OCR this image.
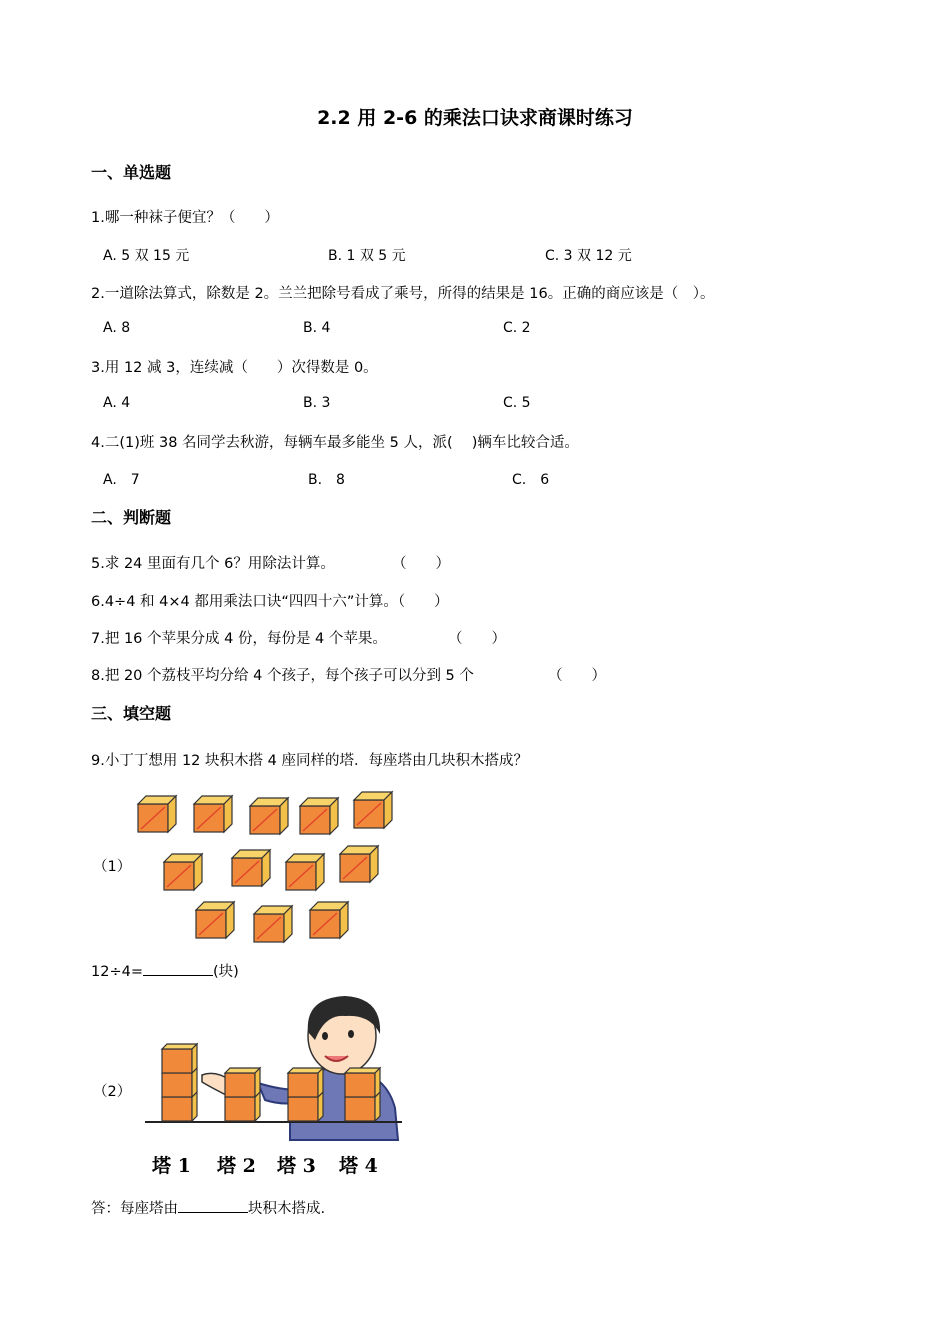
2.2 用 2-6 的乘法口诀求商课时练习
一、单选题
1.哪一种袜子便宜？（　　）
A. 5 双 15 元	B. 1 双 5 元	C. 3 双 12 元
2.一道除法算式，除数是 2。兰兰把除号看成了乘号，所得的结果是 16。正确的商应该是（　）。
A. 8	B. 4	C. 2
3.用 12 减 3，连续减（　　）次得数是 0。
A. 4	B. 3	C. 5
4.二(1)班 38 名同学去秋游，每辆车最多能坐 5 人，派(　 )辆车比较合适。
A.　7	B.　8	C.　6
二、判断题
5.求 24 里面有几个 6？用除法计算。	（　　）
6.4÷4 和 4×4 都用乘法口诀“四四十六”计算。（　　）
7.把 16 个苹果分成 4 份，每份是 4 个苹果。	（　　）
8.把 20 个荔枝平均分给 4 个孩子，每个孩子可以分到 5 个	（　　）
三、填空题
9.小丁丁想用 12 块积木搭 4 座同样的塔．每座塔由几块积木搭成？
（1）
12÷4=	(块)
（2）
塔 1 塔 2 塔 3 塔 4
答：每座塔由	块积木搭成.
